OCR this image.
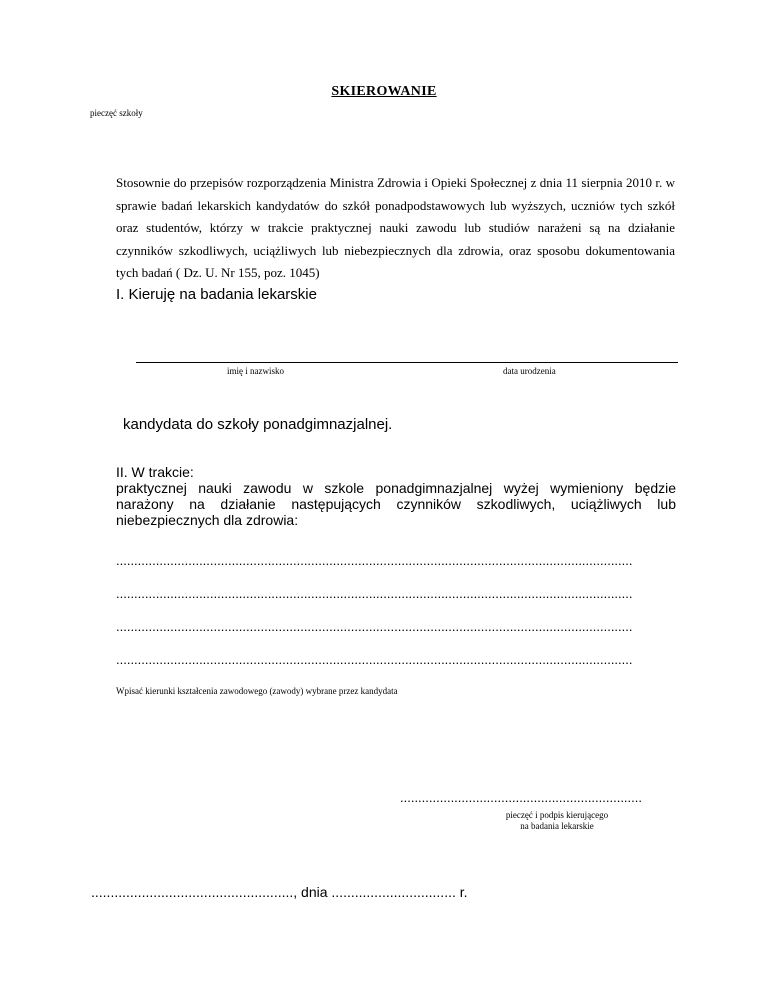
SKIEROWANIE
pieczęć szkoły
Stosownie do przepisów rozporządzenia Ministra Zdrowia i Opieki Społecznej z dnia 11 sierpnia 2010 r. w sprawie badań lekarskich kandydatów do szkół ponadpodstawowych lub wyższych, uczniów tych szkół oraz studentów, którzy w trakcie praktycznej nauki zawodu lub studiów narażeni są na działanie czynników szkodliwych, uciążliwych lub niebezpiecznych dla zdrowia, oraz sposobu dokumentowania tych badań ( Dz. U. Nr 155, poz. 1045)
I. Kieruję na badania lekarskie
imię i nazwisko	data urodzenia
kandydata do szkoły ponadgimnazjalnej.
II. W trakcie:
praktycznej nauki zawodu w szkole ponadgimnazjalnej wyżej wymieniony będzie narażony na działanie następujących czynników szkodliwych, uciążliwych lub niebezpiecznych dla zdrowia:
...............................................................................................................................................
...............................................................................................................................................
...............................................................................................................................................
...............................................................................................................................................
Wpisać kierunki kształcenia zawodowego (zawody) wybrane przez kandydata
...................................................................
pieczęć i podpis kierującego
na badania lekarskie
...................................................., dnia ................................ r.
